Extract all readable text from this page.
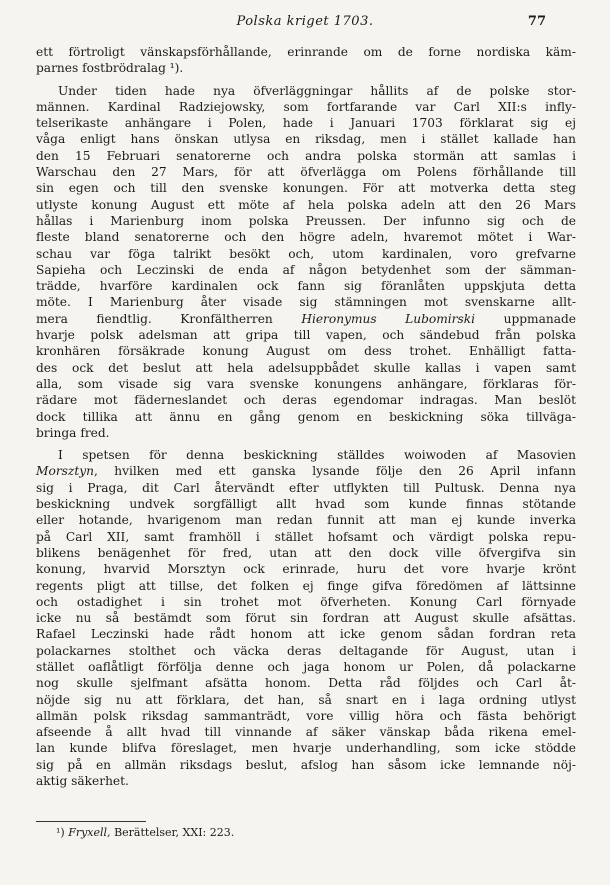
Polska kriget 1703.	77
ett förtroligt vänskapsförhållande, erinrande om de forne nordiska käm-
parnes fostbrödralag ¹).
Under tiden hade nya öfverläggningar hållits af de polske stor-
männen. Kardinal Radziejowsky, som fortfarande var Carl XII:s infly-
telserikaste anhängare i Polen, hade i Januari 1703 förklarat sig ej
våga enligt hans önskan utlysa en riksdag, men i stället kallade han
den 15 Februari senatorerne och andra polska stormän att samlas i
Warschau den 27 Mars, för att öfverlägga om Polens förhållande till
sin egen och till den svenske konungen. För att motverka detta steg
utlyste konung August ett möte af hela polska adeln att den 26 Mars
hållas i Marienburg inom polska Preussen. Der infunno sig och de
fleste bland senatorerne och den högre adeln, hvaremot mötet i War-
schau var föga talrikt besökt och, utom kardinalen, voro grefvarne
Sapieha och Leczinski de enda af någon betydenhet som der sämman-
trädde, hvarföre kardinalen ock fann sig föranlåten uppskjuta detta
möte. I Marienburg åter visade sig stämningen mot svenskarne allt-
mera fiendtlig. Kronfältherren Hieronymus Lubomirski uppmanade
hvarje polsk adelsman att gripa till vapen, och sändebud från polska
kronhären försäkrade konung August om dess trohet. Enhälligt fatta-
des ock det beslut att hela adelsuppbådet skulle kallas i vapen samt
alla, som visade sig vara svenske konungens anhängare, förklaras för-
rädare mot fäderneslandet och deras egendomar indragas. Man beslöt
dock tillika att ännu en gång genom en beskickning söka tillväga-
bringa fred.
I spetsen för denna beskickning ställdes woiwoden af Masovien
Morsztyn, hvilken med ett ganska lysande följe den 26 April infann
sig i Praga, dit Carl återvändt efter utflykten till Pultusk. Denna nya
beskickning undvek sorgfälligt allt hvad som kunde finnas stötande
eller hotande, hvarigenom man redan funnit att man ej kunde inverka
på Carl XII, samt framhöll i stället hofsamt och värdigt polska repu-
blikens benägenhet för fred, utan att den dock ville öfvergifva sin
konung, hvarvid Morsztyn ock erinrade, huru det vore hvarje krönt
regents pligt att tillse, det folken ej finge gifva föredömen af lättsinne
och ostadighet i sin trohet mot öfverheten. Konung Carl förnyade
icke nu så bestämdt som förut sin fordran att August skulle afsättas.
Rafael Leczinski hade rådt honom att icke genom sådan fordran reta
polackarnes stolthet och väcka deras deltagande för August, utan i
stället oaflåtligt förfölja denne och jaga honom ur Polen, då polackarne
nog skulle sjelfmant afsätta honom. Detta råd följdes och Carl åt-
nöjde sig nu att förklara, det han, så snart en i laga ordning utlyst
allmän polsk riksdag sammanträdt, vore villig höra och fästa behörigt
afseende å allt hvad till vinnande af säker vänskap båda rikena emel-
lan kunde blifva föreslaget, men hvarje underhandling, som icke stödde
sig på en allmän riksdags beslut, afslog han såsom icke lemnande nöj-
aktig säkerhet.
¹) Fryxell, Berättelser, XXI: 223.
